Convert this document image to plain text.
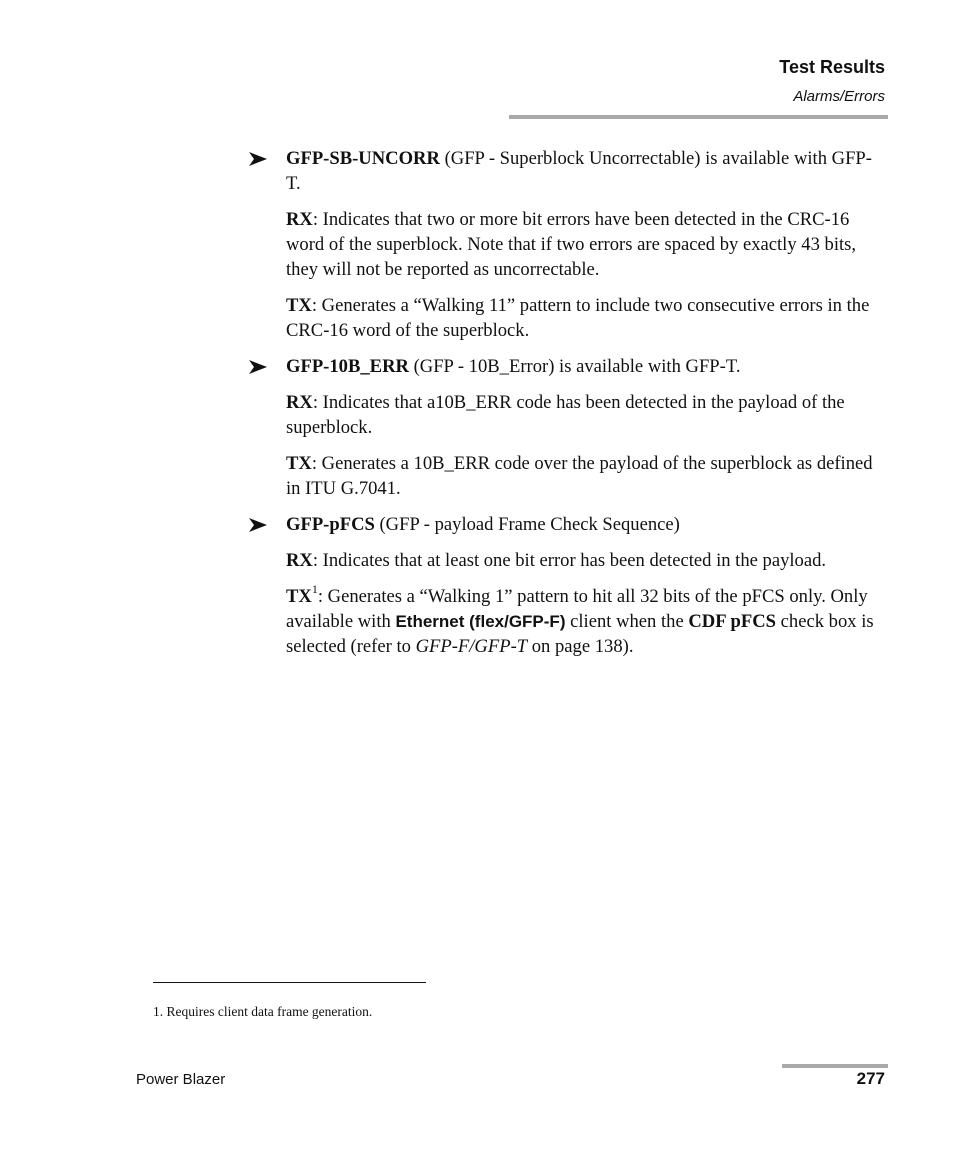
Test Results
Alarms/Errors

GFP-SB-UNCORR (GFP - Superblock Uncorrectable) is available with GFP-T.

RX: Indicates that two or more bit errors have been detected in the CRC-16 word of the superblock. Note that if two errors are spaced by exactly 43 bits, they will not be reported as uncorrectable.

TX: Generates a “Walking 11” pattern to include two consecutive errors in the CRC-16 word of the superblock.

GFP-10B_ERR (GFP - 10B_Error) is available with GFP-T.

RX: Indicates that a10B_ERR code has been detected in the payload of the superblock.

TX: Generates a 10B_ERR code over the payload of the superblock as defined in ITU G.7041.

GFP-pFCS (GFP - payload Frame Check Sequence)

RX: Indicates that at least one bit error has been detected in the payload.

$TX^1$: Generates a “Walking 1” pattern to hit all 32 bits of the pFCS only. Only available with Ethernet (flex/GFP-F) client when the CDF pFCS check box is selected (refer to GFP-F/GFP-T on page 138).

1. Requires client data frame generation.
Power Blazer	277
